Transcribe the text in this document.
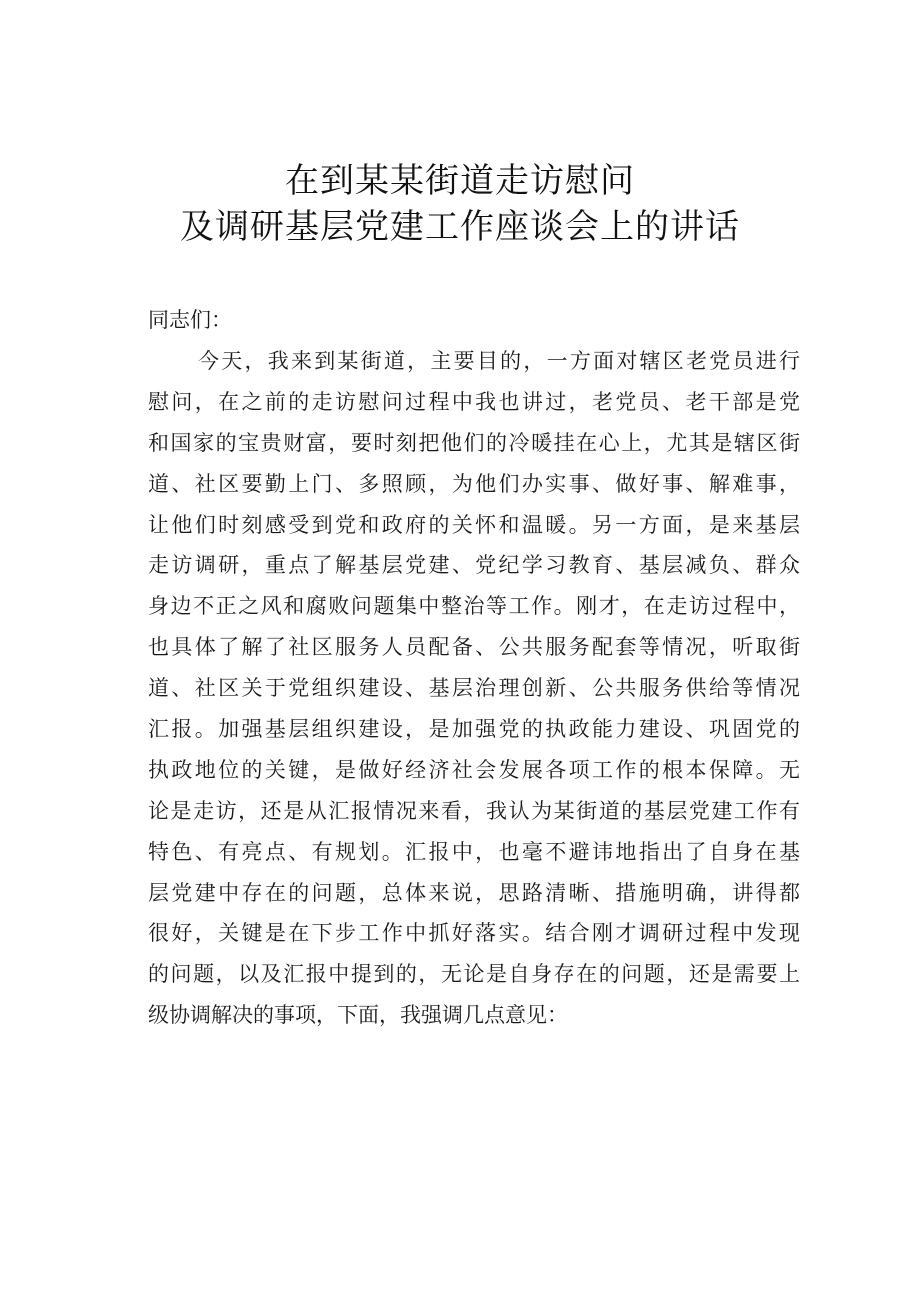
在到某某街道走访慰问
及调研基层党建工作座谈会上的讲话
同志们：
今天，我来到某街道，主要目的，一方面对辖区老党员进行
慰问，在之前的走访慰问过程中我也讲过，老党员、老干部是党
和国家的宝贵财富，要时刻把他们的冷暖挂在心上，尤其是辖区街
道、社区要勤上门、多照顾，为他们办实事、做好事、解难事，
让他们时刻感受到党和政府的关怀和温暖。另一方面，是来基层
走访调研，重点了解基层党建、党纪学习教育、基层减负、群众
身边不正之风和腐败问题集中整治等工作。刚才，在走访过程中，
也具体了解了社区服务人员配备、公共服务配套等情况，听取街
道、社区关于党组织建设、基层治理创新、公共服务供给等情况
汇报。加强基层组织建设，是加强党的执政能力建设、巩固党的
执政地位的关键，是做好经济社会发展各项工作的根本保障。无
论是走访，还是从汇报情况来看，我认为某街道的基层党建工作有
特色、有亮点、有规划。汇报中，也毫不避讳地指出了自身在基
层党建中存在的问题，总体来说，思路清晰、措施明确，讲得都
很好，关键是在下步工作中抓好落实。结合刚才调研过程中发现
的问题，以及汇报中提到的，无论是自身存在的问题，还是需要上
级协调解决的事项，下面，我强调几点意见：
